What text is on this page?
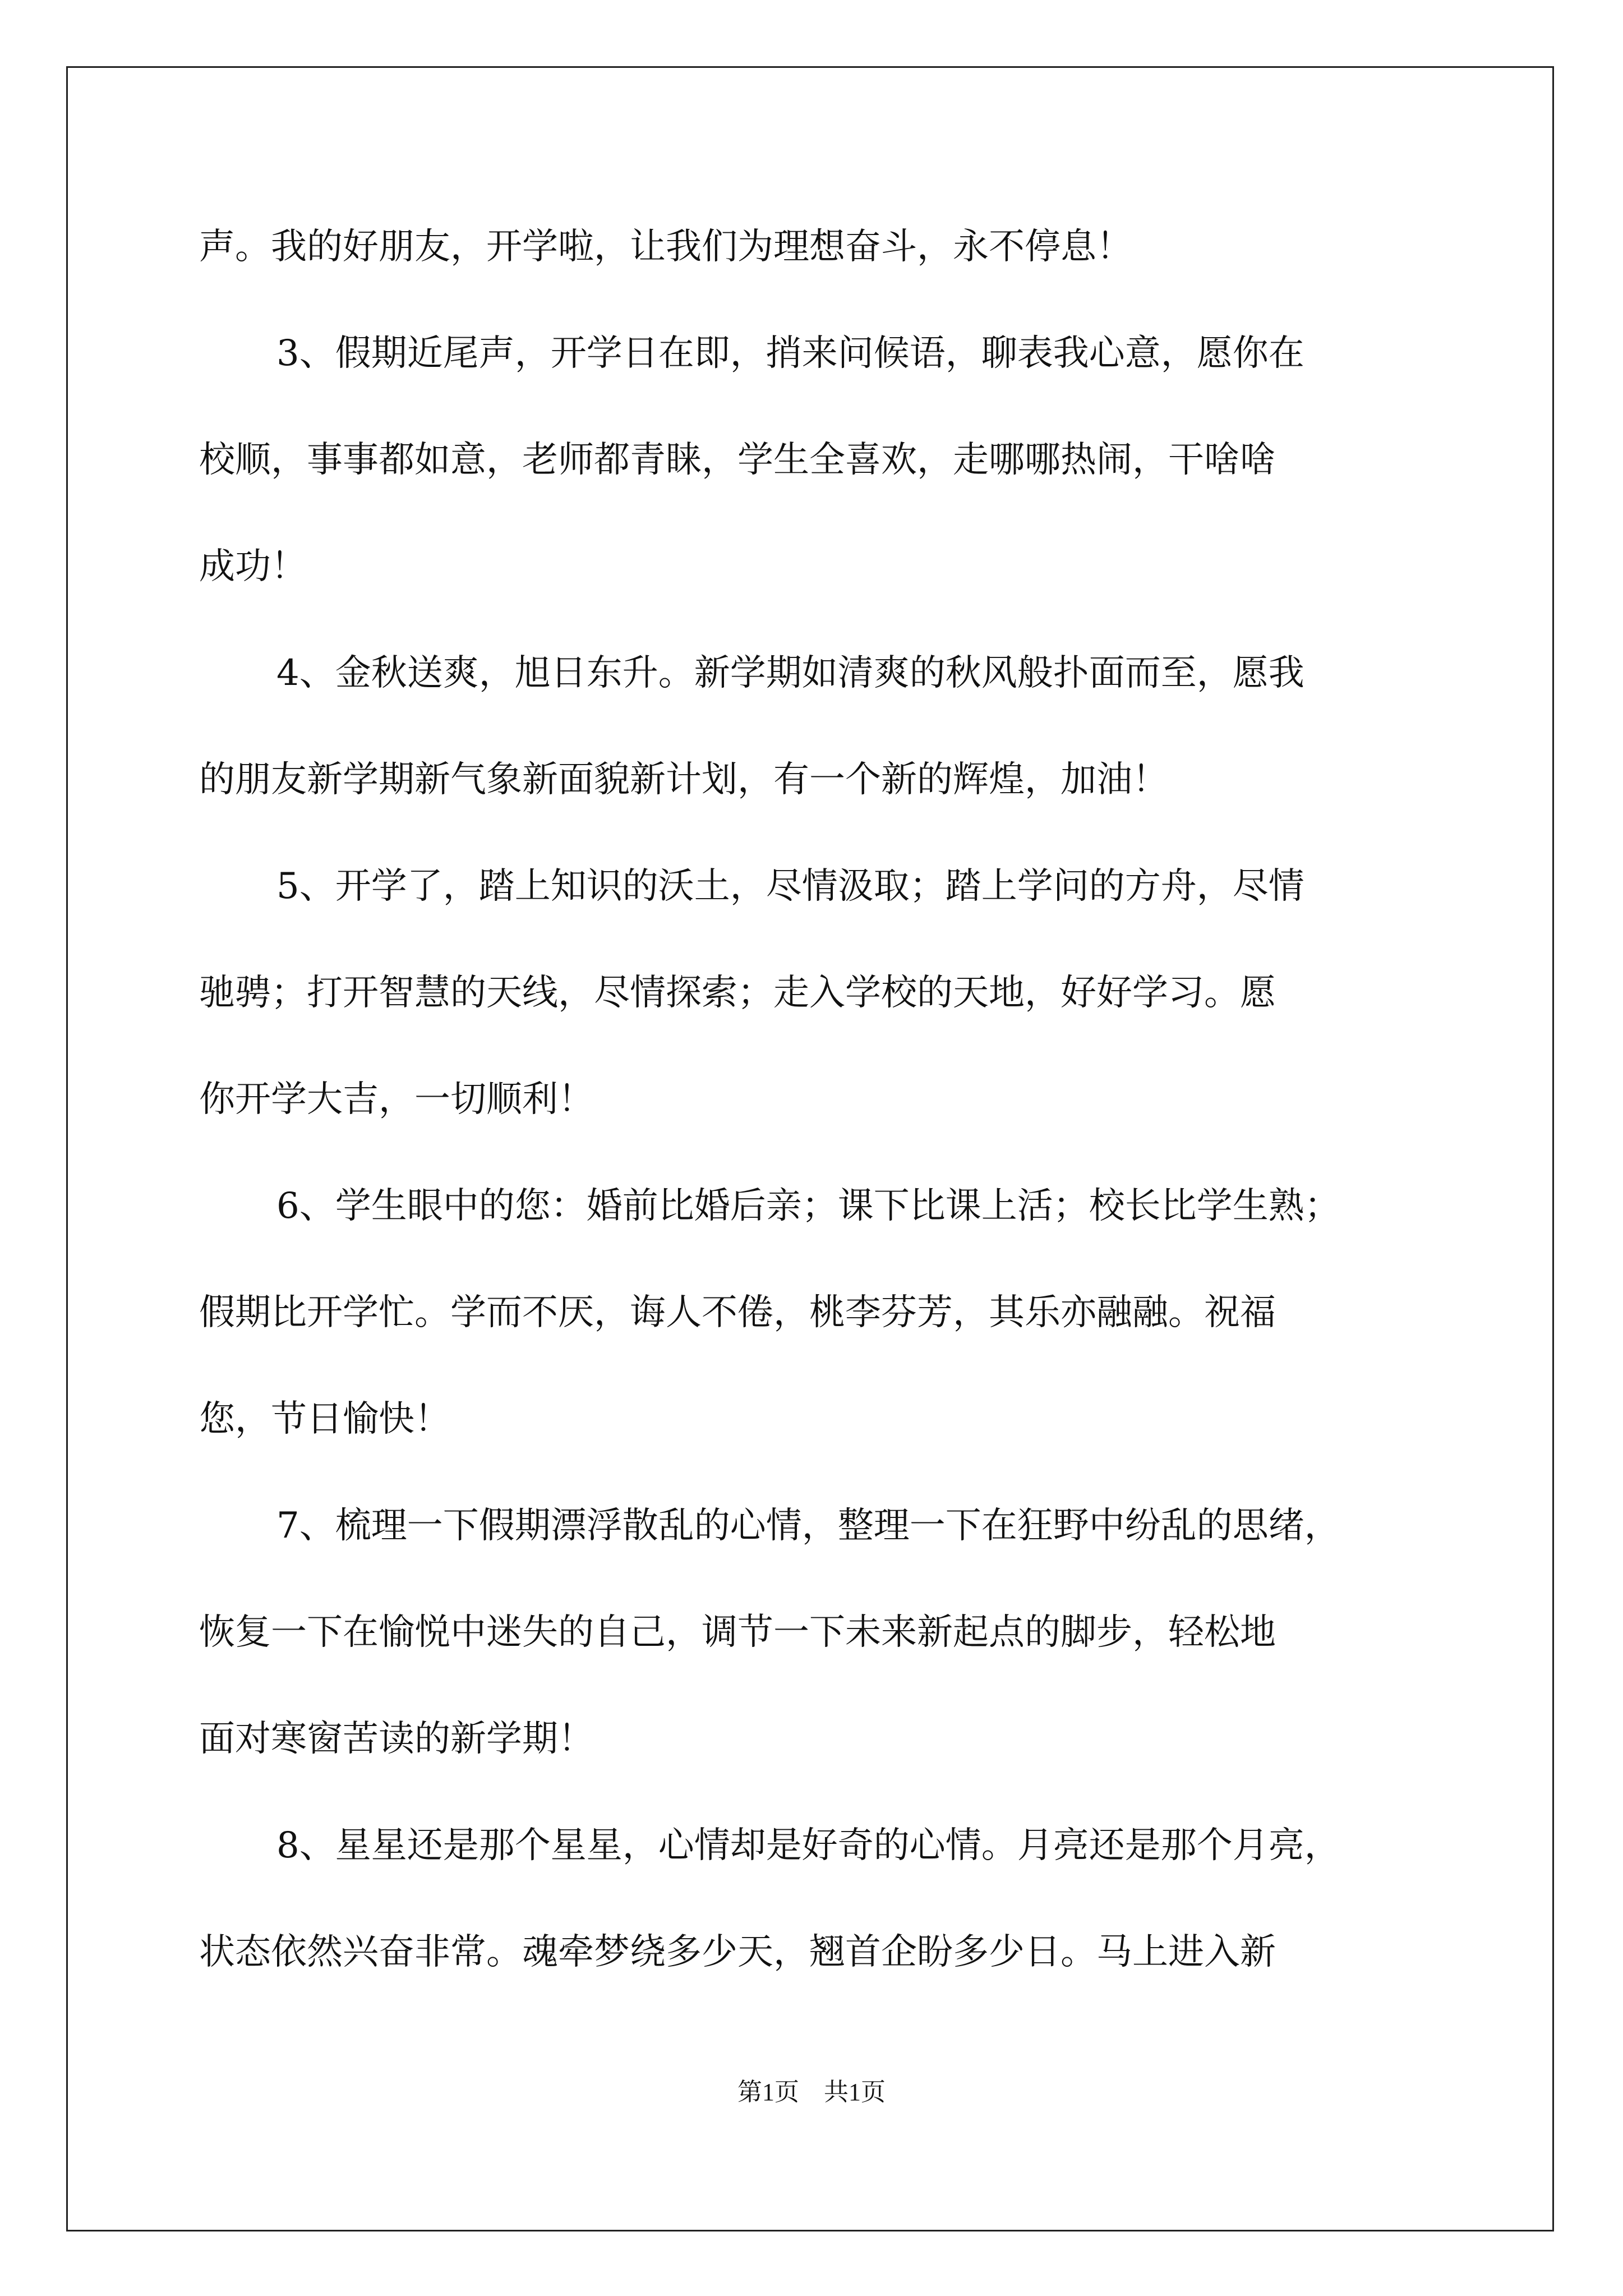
声。我的好朋友，开学啦，让我们为理想奋斗，永不停息！
3、假期近尾声，开学日在即，捎来问候语，聊表我心意，愿你在
校顺，事事都如意，老师都青睐，学生全喜欢，走哪哪热闹，干啥啥
成功！
4、金秋送爽，旭日东升。新学期如清爽的秋风般扑面而至，愿我
的朋友新学期新气象新面貌新计划，有一个新的辉煌，加油！
5、开学了，踏上知识的沃土，尽情汲取；踏上学问的方舟，尽情
驰骋；打开智慧的天线，尽情探索；走入学校的天地，好好学习。愿
你开学大吉，一切顺利！
6、学生眼中的您：婚前比婚后亲；课下比课上活；校长比学生熟；
假期比开学忙。学而不厌，诲人不倦，桃李芬芳，其乐亦融融。祝福
您，节日愉快！
7、梳理一下假期漂浮散乱的心情，整理一下在狂野中纷乱的思绪，
恢复一下在愉悦中迷失的自己，调节一下未来新起点的脚步，轻松地
面对寒窗苦读的新学期！
8、星星还是那个星星，心情却是好奇的心情。月亮还是那个月亮，
状态依然兴奋非常。魂牵梦绕多少天，翘首企盼多少日。马上进入新
第1页 共1页
